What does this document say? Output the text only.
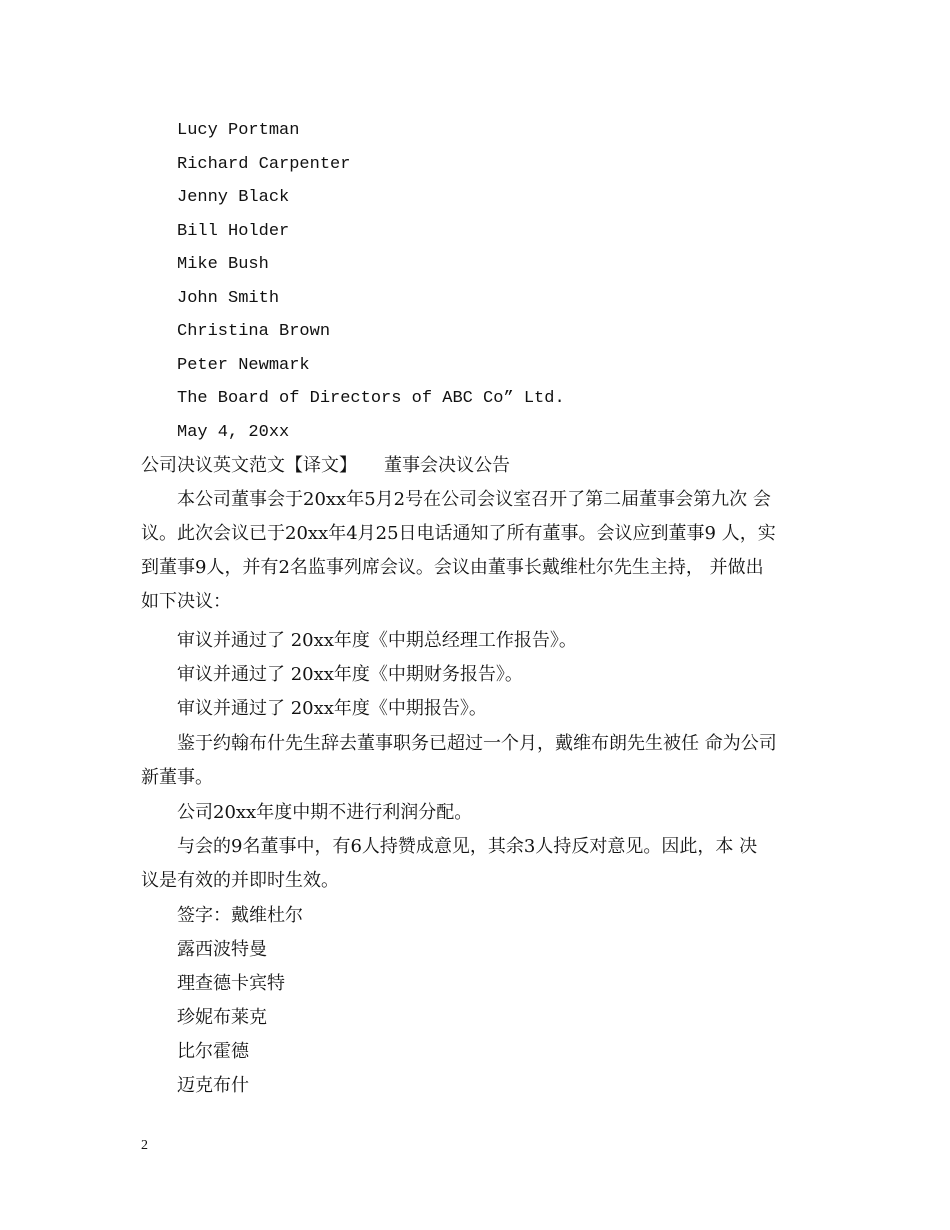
Lucy Portman
Richard Carpenter
Jenny Black
Bill Holder
Mike Bush
John Smith
Christina Brown
Peter Newmark
The Board of Directors of ABC Co” Ltd.
May 4, 20xx
公司决议英文范文【译文】　　董事会决议公告
　　本公司董事会于20xx年5月2号在公司会议室召开了第二届董事会第九次 会
议。此次会议已于20xx年4月25日电话通知了所有董事。会议应到董事9 人，实
到董事9人，并有2名监事列席会议。会议由董事长戴维杜尔先生主持， 并做出
如下决议：
审议并通过了 20xx年度《中期总经理工作报告》。
审议并通过了 20xx年度《中期财务报告》。
审议并通过了 20xx年度《中期报告》。
　　鉴于约翰布什先生辞去董事职务已超过一个月，戴维布朗先生被任 命为公司
新董事。
公司20xx年度中期不进行利润分配。
　　与会的9名董事中，有6人持赞成意见，其余3人持反对意见。因此，本 决
议是有效的并即时生效。
签字：戴维杜尔
露西波特曼
理查德卡宾特
珍妮布莱克
比尔霍德
迈克布什
2
